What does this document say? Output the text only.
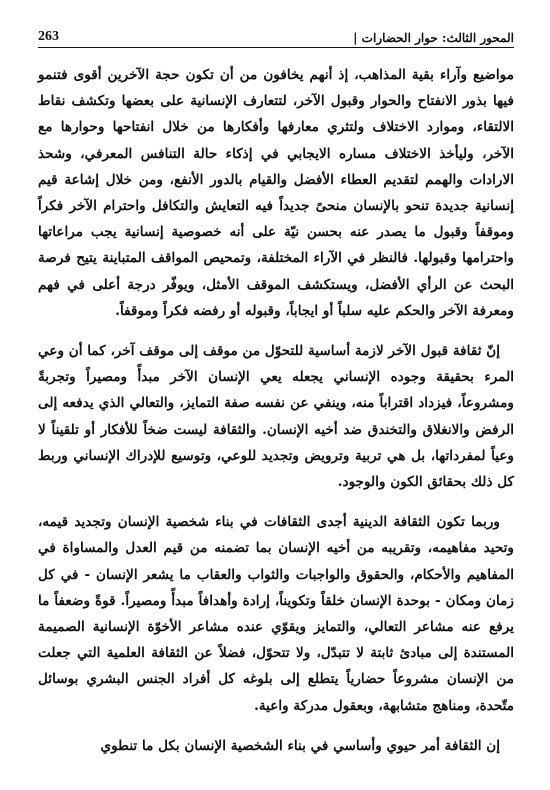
المحور الثالث: حوار الحضارات |
263

مواضيع وآراء بقية المذاهب، إذ أنهم يخافون من أن تكون حجة الآخرين أقوى فتنمو فيها بذور الانفتاح والحوار وقبول الآخر، لتتعارف الإنسانية على بعضها وتكشف نقاط الالتقاء، وموارد الاختلاف ولتثري معارفها وأفكارها من خلال انفتاحها وحوارها مع الآخر، وليأخذ الاختلاف مساره الايجابي في إذكاء حالة التنافس المعرفي، وشحذ الارادات والهمم لتقديم العطاء الأفضل والقيام بالدور الأنفع، ومن خلال إشاعة قيم إنسانية جديدة تنحو بالإنسان منحىً جديداً فيه التعايش والتكافل واحترام الآخر فكراً وموقفاً وقبول ما يصدر عنه بحسن نيّة على أنه خصوصية إنسانية يجب مراعاتها واحترامها وقبولها. فالنظر في الآراء المختلفة، وتمحيص المواقف المتباينة يتيح فرصة البحث عن الرأي الأفضل، ويستكشف الموقف الأمثل، ويوفّر درجة أعلى في فهم ومعرفة الآخر والحكم عليه سلباً أو ايجاباً، وقبوله أو رفضه فكراً وموقفاً.

إنّ ثقافة قبول الآخر لازمة أساسية للتحوّل من موقف إلى موقف آخر، كما أن وعي المرء بحقيقة وجوده الإنساني يجعله يعي الإنسان الآخر مبدأً ومصيراً وتجربةً ومشروعاً، فيزداد اقتراباً منه، وينفي عن نفسه صفة التمايز، والتعالي الذي يدفعه إلى الرفض والانغلاق والتخندق ضد أخيه الإنسان. والثقافة ليست ضخاً للأفكار أو تلقيناً لا وعياً لمفرداتها، بل هي تربية وترويض وتجديد للوعي، وتوسيع للإدراك الإنساني وربط كل ذلك بحقائق الكون والوجود.

وربما تكون الثقافة الدينية أجدى الثقافات في بناء شخصية الإنسان وتجديد قيمه، وتحيد مفاهيمه، وتقريبه من أخيه الإنسان بما تضمنه من قيم العدل والمساواة في المفاهيم والأحكام، والحقوق والواجبات والثواب والعقاب ما يشعر الإنسان - في كل زمان ومكان - بوحدة الإنسان خلقاً وتكويناً، إرادة وأهدافاً مبدأً ومصيراً. قوةً وضعفاً ما يرفع عنه مشاعر التعالي، والتمايز ويقوّي عنده مشاعر الأخوّة الإنسانية الصميمة المستندة إلى مبادئ ثابتة لا تتبدّل، ولا تتحوّل، فضلاً عن الثقافة العلمية التي جعلت من الإنسان مشروعاً حضارياً يتطلع إلى بلوغه كل أفراد الجنس البشري بوسائل متّحدة، ومناهج متشابهة، وبعقول مدركة واعية.

إن الثقافة أمر حيوي وأساسي في بناء الشخصية الإنسان بكل ما تنطوي
